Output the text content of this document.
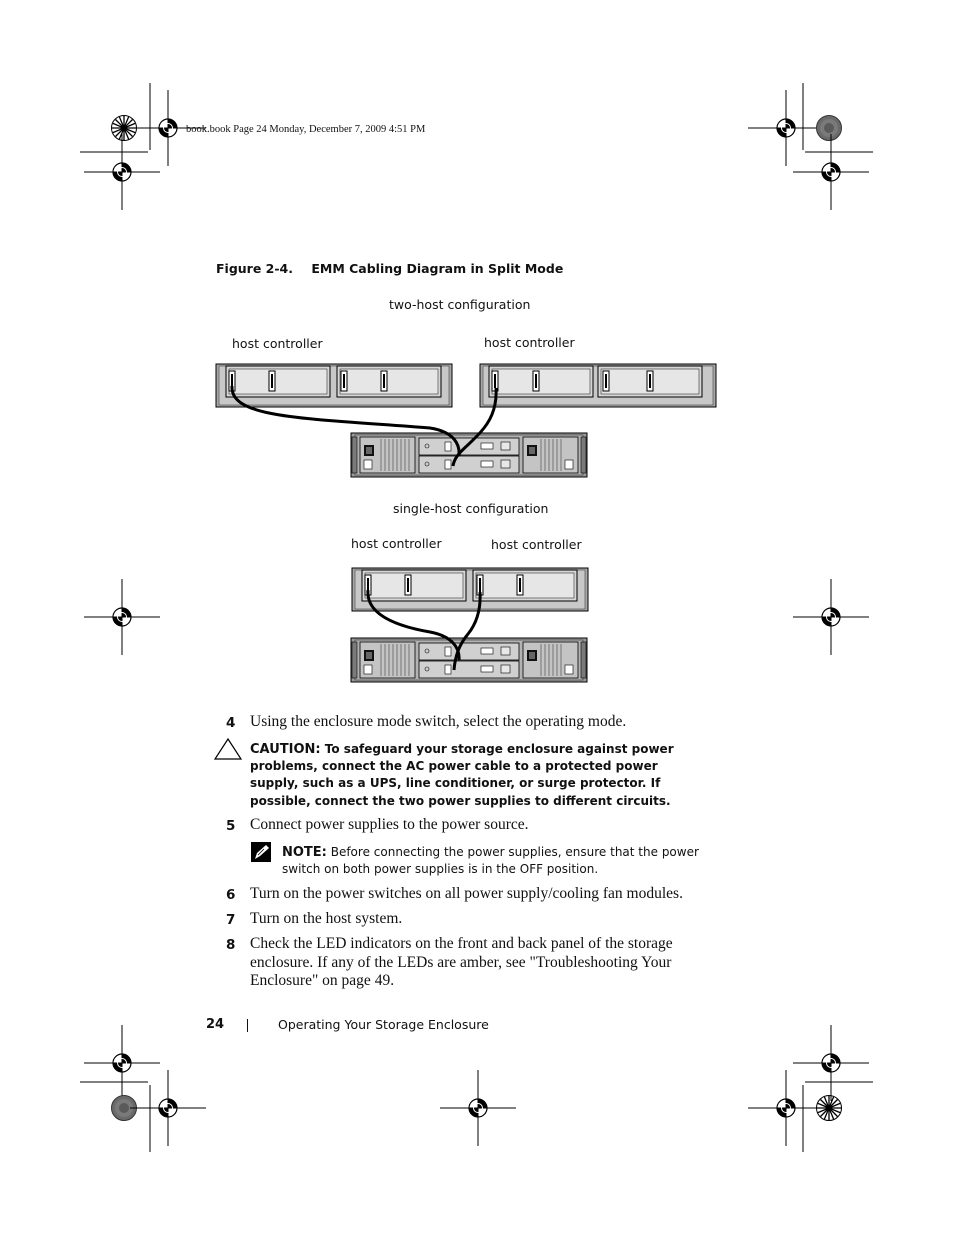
book.book Page 24 Monday, December 7, 2009 4:51 PM
Figure 2-4. EMM Cabling Diagram in Split Mode
two-host configuration
host controller	host controller
single-host configuration
host controller	host controller
4 Using the enclosure mode switch, select the operating mode.
CAUTION: To safeguard your storage enclosure against power problems, connect the AC power cable to a protected power supply, such as a UPS, line conditioner, or surge protector. If possible, connect the two power supplies to different circuits.
5 Connect power supplies to the power source.
NOTE: Before connecting the power supplies, ensure that the power switch on both power supplies is in the OFF position.
6 Turn on the power switches on all power supply/cooling fan modules.
7 Turn on the host system.
8 Check the LED indicators on the front and back panel of the storage enclosure. If any of the LEDs are amber, see "Troubleshooting Your Enclosure" on page 49.
24	Operating Your Storage Enclosure
